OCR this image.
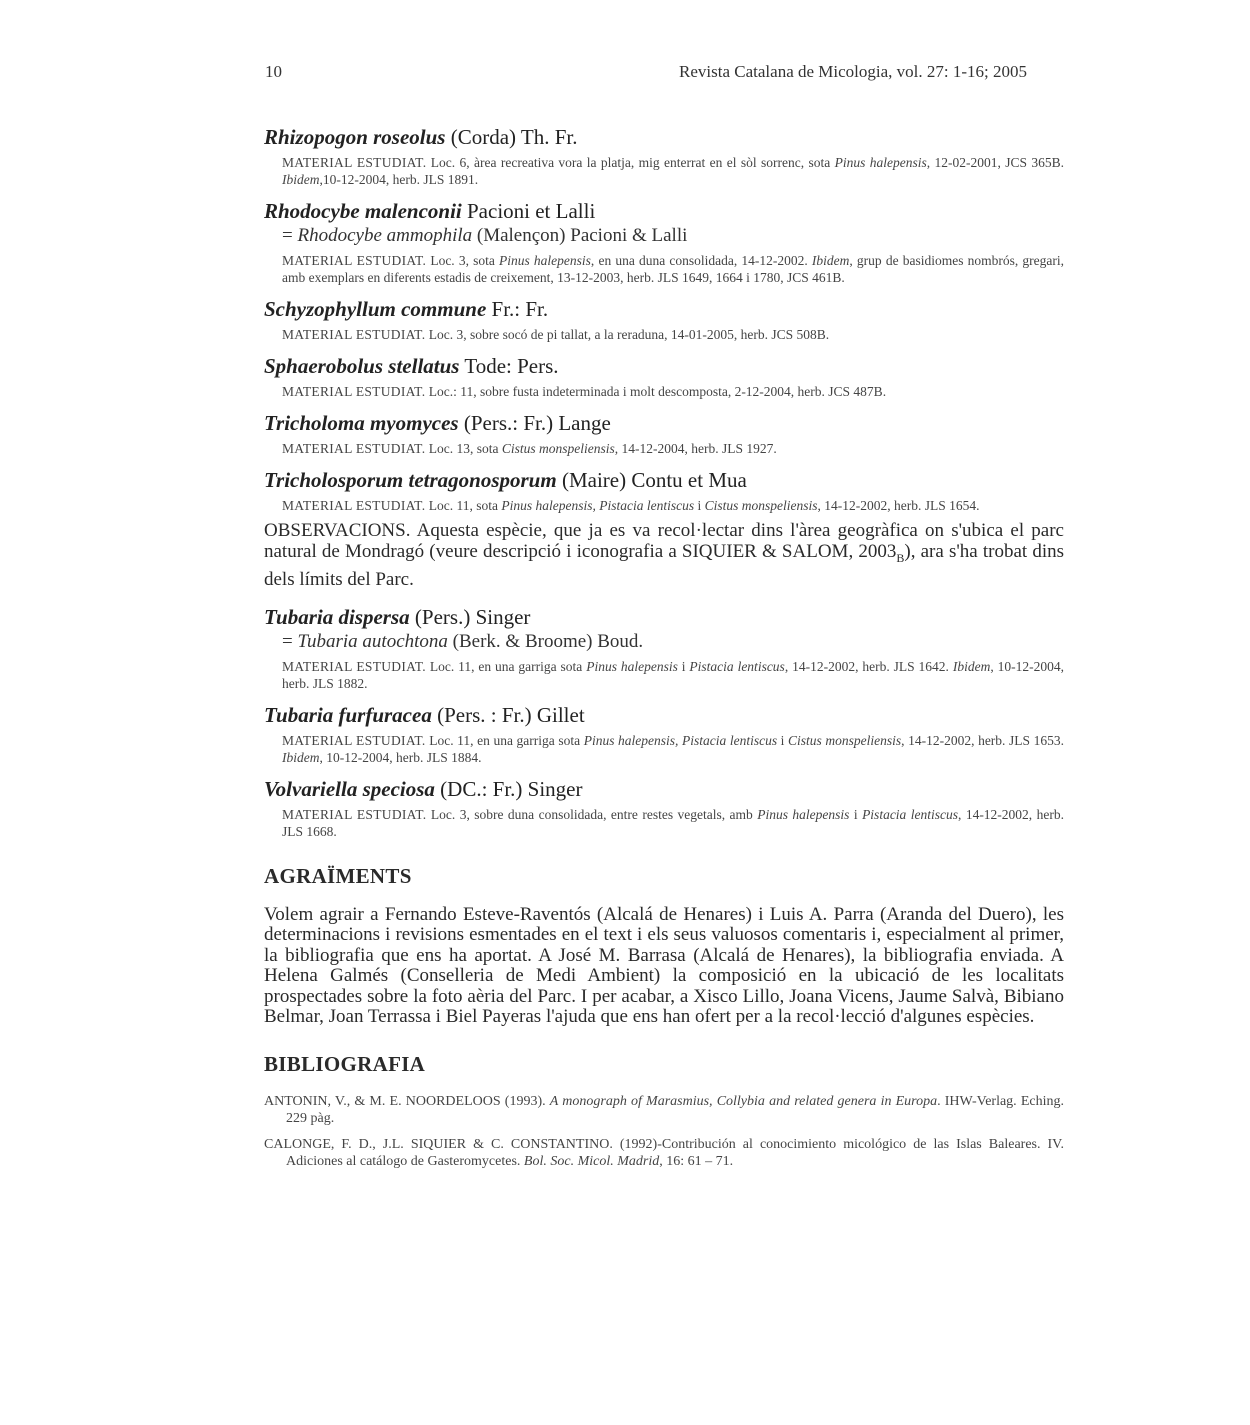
10	Revista Catalana de Micologia, vol. 27: 1-16; 2005

Rhizopogon roseolus (Corda) Th. Fr.

MATERIAL ESTUDIAT. Loc. 6, àrea recreativa vora la platja, mig enterrat en el sòl sorrenc, sota Pinus halepensis, 12-02-2001, JCS 365B. Ibidem,10-12-2004, herb. JLS 1891.

Rhodocybe malenconii Pacioni et Lalli

= Rhodocybe ammophila (Malençon) Pacioni & Lalli

MATERIAL ESTUDIAT. Loc. 3, sota Pinus halepensis, en una duna consolidada, 14-12-2002. Ibidem, grup de basidiomes nombrós, gregari, amb exemplars en diferents estadis de creixement, 13-12-2003, herb. JLS 1649, 1664 i 1780, JCS 461B.

Schyzophyllum commune Fr.: Fr.

MATERIAL ESTUDIAT. Loc. 3, sobre socó de pi tallat, a la reraduna, 14-01-2005, herb. JCS 508B.

Sphaerobolus stellatus Tode: Pers.

MATERIAL ESTUDIAT. Loc.: 11, sobre fusta indeterminada i molt descomposta, 2-12-2004, herb. JCS 487B.

Tricholoma myomyces (Pers.: Fr.) Lange

MATERIAL ESTUDIAT. Loc. 13, sota Cistus monspeliensis, 14-12-2004, herb. JLS 1927.

Tricholosporum tetragonosporum (Maire) Contu et Mua

MATERIAL ESTUDIAT. Loc. 11, sota Pinus halepensis, Pistacia lentiscus i Cistus monspeliensis, 14-12-2002, herb. JLS 1654.

OBSERVACIONS. Aquesta espècie, que ja es va recol·lectar dins l'àrea geogràfica on s'ubica el parc natural de Mondragó (veure descripció i iconografia a SIQUIER & SALOM, $2003_B$), ara s'ha trobat dins dels límits del Parc.

Tubaria dispersa (Pers.) Singer

= Tubaria autochtona (Berk. & Broome) Boud.

MATERIAL ESTUDIAT. Loc. 11, en una garriga sota Pinus halepensis i Pistacia lentiscus, 14-12-2002, herb. JLS 1642. Ibidem, 10-12-2004, herb. JLS 1882.

Tubaria furfuracea (Pers. : Fr.) Gillet

MATERIAL ESTUDIAT. Loc. 11, en una garriga sota Pinus halepensis, Pistacia lentiscus i Cistus monspeliensis, 14-12-2002, herb. JLS 1653. Ibidem, 10-12-2004, herb. JLS 1884.

Volvariella speciosa (DC.: Fr.) Singer

MATERIAL ESTUDIAT. Loc. 3, sobre duna consolidada, entre restes vegetals, amb Pinus halepensis i Pistacia lentiscus, 14-12-2002, herb. JLS 1668.

AGRAÏMENTS

Volem agrair a Fernando Esteve-Raventós (Alcalá de Henares) i Luis A. Parra (Aranda del Duero), les determinacions i revisions esmentades en el text i els seus valuosos comentaris i, especialment al primer, la bibliografia que ens ha aportat. A José M. Barrasa (Alcalá de Henares), la bibliografia enviada. A Helena Galmés (Conselleria de Medi Ambient) la composició en la ubicació de les localitats prospectades sobre la foto aèria del Parc. I per acabar, a Xisco Lillo, Joana Vicens, Jaume Salvà, Bibiano Belmar, Joan Terrassa i Biel Payeras l'ajuda que ens han ofert per a la recol·lecció d'algunes espècies.

BIBLIOGRAFIA
ANTONIN, V., & M. E. NOORDELOOS (1993). A monograph of Marasmius, Collybia and related genera in Europa. IHW-Verlag. Eching. 229 pàg.
CALONGE, F. D., J.L. SIQUIER & C. CONSTANTINO. (1992)-Contribución al conocimiento micológico de las Islas Baleares. IV. Adiciones al catálogo de Gasteromycetes. Bol. Soc. Micol. Madrid, 16: 61 – 71.
